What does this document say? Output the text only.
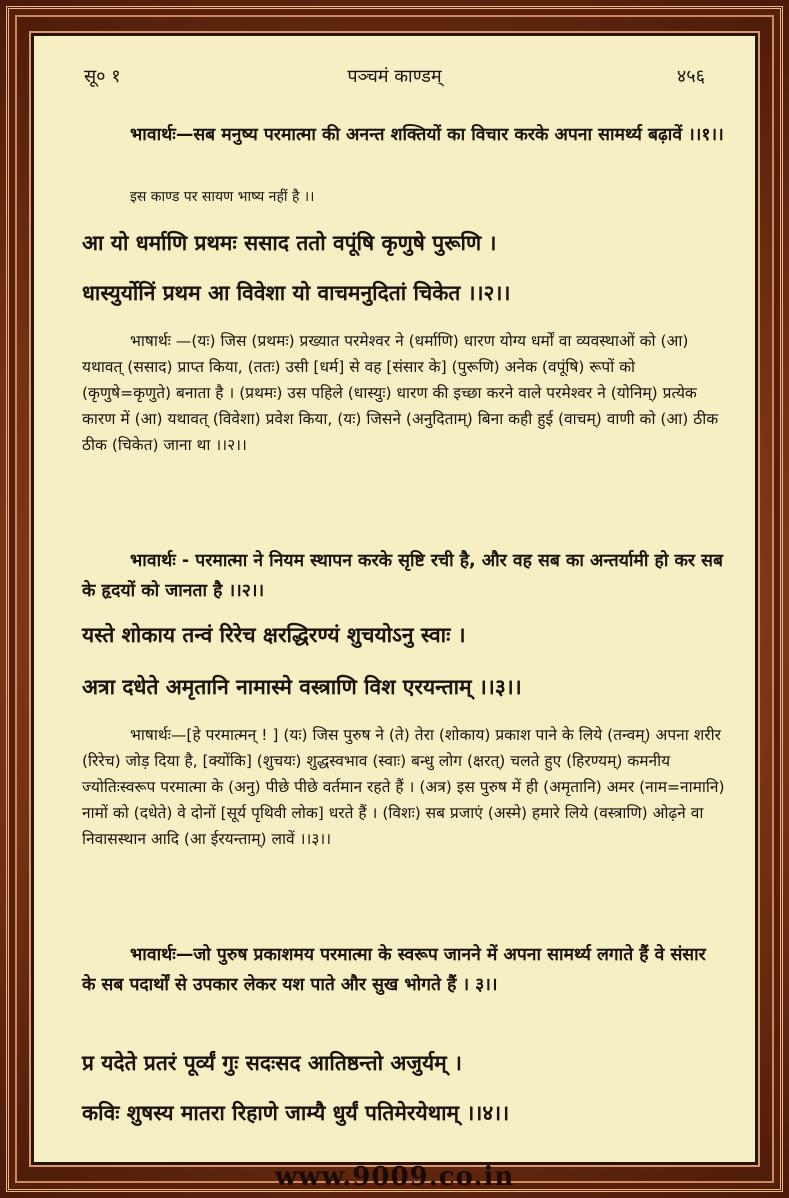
सू० १	पञ्चमं काण्डम्	४५६
भावार्थः—सब मनुष्य परमात्मा की अनन्त शक्तियों का विचार करके अपना सामर्थ्य बढ़ावें ।।१।।
इस काण्ड पर सायण भाष्य नहीं है ।।
आ यो धर्माणि प्रथमः ससाद ततो वपूंषि कृणुषे पुरूणि ।
धास्युर्योनिं प्रथम आ विवेशा यो वाचमनुदितां चिकेत ।।२।।
भाषार्थः —(यः) जिस (प्रथमः) प्रख्यात परमेश्वर ने (धर्माणि) धारण योग्य धर्मों वा व्यवस्थाओं को (आ) यथावत् (ससाद) प्राप्त किया, (ततः) उसी [धर्म] से वह [संसार के] (पुरूणि) अनेक (वपूंषि) रूपों को (कृणुषे=कृणुते) बनाता है । (प्रथमः) उस पहिले (धास्युः) धारण की इच्छा करने वाले परमेश्वर ने (योनिम्) प्रत्येक कारण में (आ) यथावत् (विवेशा) प्रवेश किया, (यः) जिसने (अनुदिताम्) बिना कही हुई (वाचम्) वाणी को (आ) ठीक ठीक (चिकेत) जाना था ।।२।।
भावार्थः - परमात्मा ने नियम स्थापन करके सृष्टि रची है, और वह सब का अन्तर्यामी हो कर सब के हृदयों को जानता है ।।२।।
यस्ते शोकाय तन्वं रिरेच क्षरद्धिरण्यं शुचयोऽनु स्वाः ।
अत्रा दधेते अमृतानि नामास्मे वस्त्राणि विश एरयन्ताम् ।।३।।
भाषार्थः—[हे परमात्मन् ! ] (यः) जिस पुरुष ने (ते) तेरा (शोकाय) प्रकाश पाने के लिये (तन्वम्) अपना शरीर (रिरेच) जोड़ दिया है, [क्योंकि] (शुचयः) शुद्धस्वभाव (स्वाः) बन्धु लोग (क्षरत्) चलते हुए (हिरण्यम्) कमनीय ज्योतिःस्वरूप परमात्मा के (अनु) पीछे पीछे वर्तमान रहते हैं । (अत्र) इस पुरुष में ही (अमृतानि) अमर (नाम=नामानि) नामों को (दधेते) वे दोनों [सूर्य पृथिवी लोक] धरते हैं । (विशः) सब प्रजाएं (अस्मे) हमारे लिये (वस्त्राणि) ओढ़ने वा निवासस्थान आदि (आ ईरयन्ताम्) लावें ।।३।।
भावार्थः—जो पुरुष प्रकाशमय परमात्मा के स्वरूप जानने में अपना सामर्थ्य लगाते हैं वे संसार के सब पदार्थों से उपकार लेकर यश पाते और सुख भोगते हैं । ३।।
प्र यदेते प्रतरं पूर्व्यं गुः सदःसद आतिष्ठन्तो अजुर्यम् ।
कविः शुषस्य मातरा रिहाणे जाम्यै धुर्यं पतिमेरयेथाम् ।।४।।
www.9009.co.in
